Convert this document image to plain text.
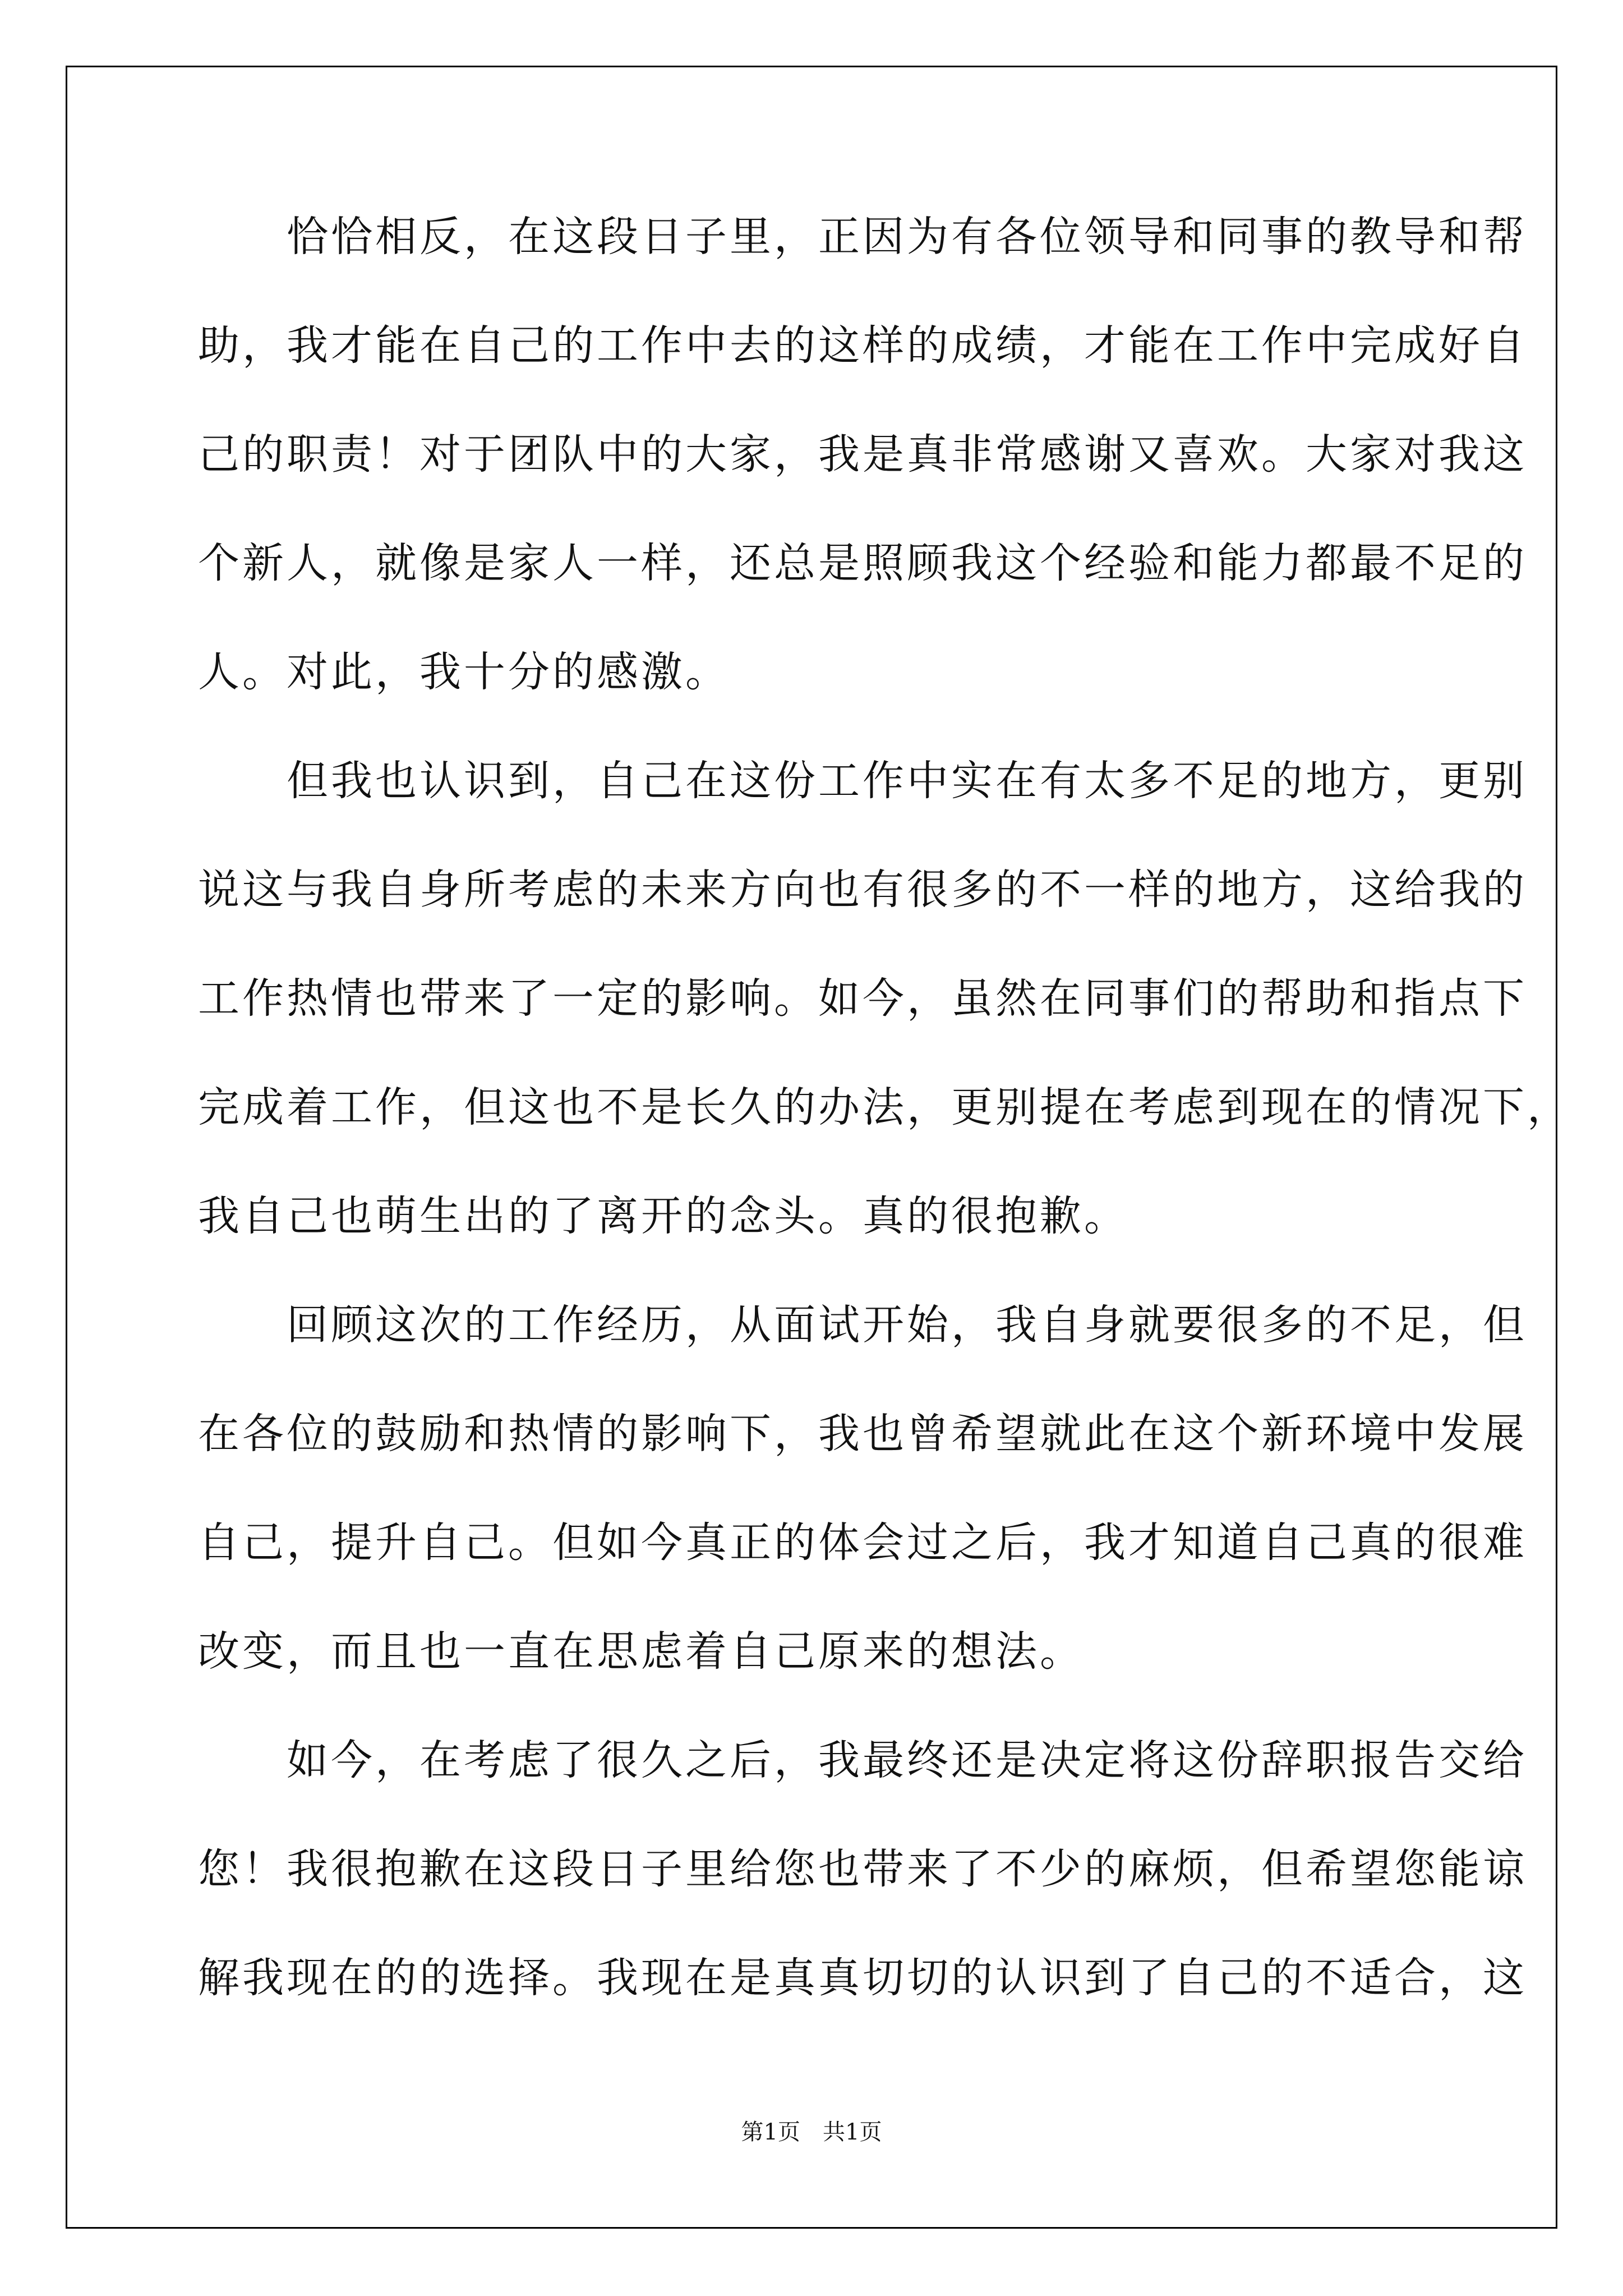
　　恰恰相反，在这段日子里，正因为有各位领导和同事的教导和帮
助，我才能在自己的工作中去的这样的成绩，才能在工作中完成好自
己的职责！对于团队中的大家，我是真非常感谢又喜欢。大家对我这
个新人，就像是家人一样，还总是照顾我这个经验和能力都最不足的
人。对此，我十分的感激。
　　但我也认识到，自己在这份工作中实在有太多不足的地方，更别
说这与我自身所考虑的未来方向也有很多的不一样的地方，这给我的
工作热情也带来了一定的影响。如今，虽然在同事们的帮助和指点下
完成着工作，但这也不是长久的办法，更别提在考虑到现在的情况下，
我自己也萌生出的了离开的念头。真的很抱歉。
　　回顾这次的工作经历，从面试开始，我自身就要很多的不足，但
在各位的鼓励和热情的影响下，我也曾希望就此在这个新环境中发展
自己，提升自己。但如今真正的体会过之后，我才知道自己真的很难
改变，而且也一直在思虑着自己原来的想法。
　　如今，在考虑了很久之后，我最终还是决定将这份辞职报告交给
您！我很抱歉在这段日子里给您也带来了不少的麻烦，但希望您能谅
解我现在的的选择。我现在是真真切切的认识到了自己的不适合，这
第1页　共1页
